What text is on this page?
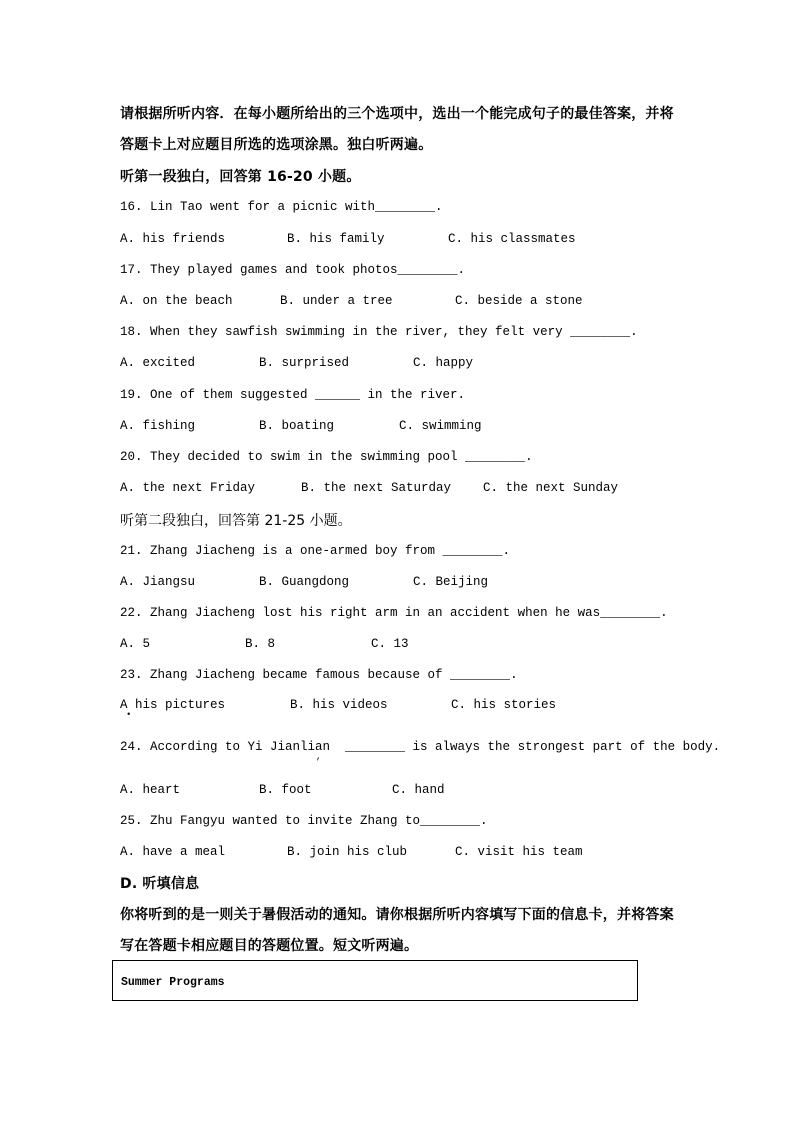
请根据所听内容．在每小题所给出的三个选项中，选出一个能完成句子的最佳答案，并将
答题卡上对应题目所选的选项涂黑。独白听两遍。
听第一段独白，回答第 16-20 小题。
16. Lin Tao went for a picnic with________.
A. his friends	B. his family	C. his classmates
17. They played games and took photos________.
A. on the beach	B. under a tree	C. beside a stone
18. When they sawfish swimming in the river, they felt very ________.
A. excited	B. surprised	C. happy
19. One of them suggested ______ in the river.
A. fishing	B. boating	C. swimming
20. They decided to swim in the swimming pool ________.
A. the next Friday	B. the next Saturday	C. the next Sunday
听第二段独白，回答第 21-25 小题。
21. Zhang Jiacheng is a one-armed boy from ________.
A. Jiangsu	B. Guangdong	C. Beijing
22. Zhang Jiacheng lost his right arm in an accident when he was________.
A. 5	B. 8	C. 13
23. Zhang Jiacheng became famous because of ________.
A his pictures
•
B. his videos	C. his stories
24. According to Yi Jianlian  ________ is always the strongest part of the body.
,
A. heart	B. foot	C. hand
25. Zhu Fangyu wanted to invite Zhang to________.
A. have a meal	B. join his club	C. visit his team
D. 听填信息
你将听到的是一则关于暑假活动的通知。请你根据所听内容填写下面的信息卡，并将答案
写在答题卡相应题目的答题位置。短文听两遍。
Summer Programs
